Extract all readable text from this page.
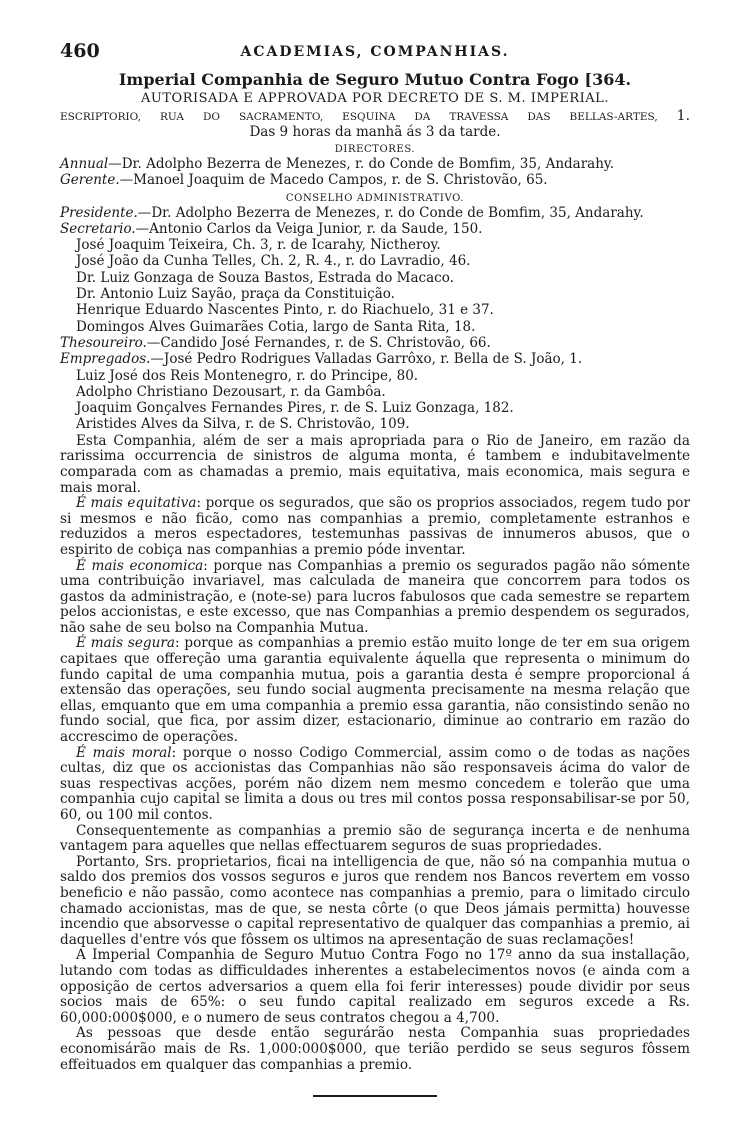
460	ACADEMIAS, COMPANHIAS.
Imperial Companhia de Seguro Mutuo Contra Fogo [364.
AUTORISADA E APPROVADA POR DECRETO DE S. M. IMPERIAL.
ESCRIPTORIO, RUA DO SACRAMENTO, ESQUINA DA TRAVESSA DAS BELLAS-ARTES, 1.
Das 9 horas da manhã ás 3 da tarde.
DIRECTORES.
Annual—Dr. Adolpho Bezerra de Menezes, r. do Conde de Bomfim, 35, Andarahy.
Gerente.—Manoel Joaquim de Macedo Campos, r. de S. Christovão, 65.
CONSELHO ADMINISTRATIVO.
Presidente.—Dr. Adolpho Bezerra de Menezes, r. do Conde de Bomfim, 35, Andarahy.
Secretario.—Antonio Carlos da Veiga Junior, r. da Saude, 150.
José Joaquim Teixeira, Ch. 3, r. de Icarahy, Nictheroy.
José João da Cunha Telles, Ch. 2, R. 4., r. do Lavradio, 46.
Dr. Luiz Gonzaga de Souza Bastos, Estrada do Macaco.
Dr. Antonio Luiz Sayão, praça da Constituição.
Henrique Eduardo Nascentes Pinto, r. do Riachuelo, 31 e 37.
Domingos Alves Guimarães Cotia, largo de Santa Rita, 18.
Thesoureiro.—Candido José Fernandes, r. de S. Christovão, 66.
Empregados.—José Pedro Rodrigues Valladas Garrôxo, r. Bella de S. João, 1.
Luiz José dos Reis Montenegro, r. do Principe, 80.
Adolpho Christiano Dezousart, r. da Gambôa.
Joaquim Gonçalves Fernandes Pires, r. de S. Luiz Gonzaga, 182.
Aristides Alves da Silva, r. de S. Christovão, 109.

Esta Companhia, além de ser a mais apropriada para o Rio de Janeiro, em razão da rarissima occurrencia de sinistros de alguma monta, é tambem e indubitavelmente comparada com as chamadas a premio, mais equitativa, mais economica, mais segura e mais moral.

É mais equitativa: porque os segurados, que são os proprios associados, regem tudo por si mesmos e não ficão, como nas companhias a premio, completamente estranhos e reduzidos a meros espectadores, testemunhas passivas de innumeros abusos, que o espirito de cobiça nas companhias a premio póde inventar.

É mais economica: porque nas Companhias a premio os segurados pagão não sómente uma contribuição invariavel, mas calculada de maneira que concorrem para todos os gastos da administração, e (note-se) para lucros fabulosos que cada semestre se repartem pelos accionistas, e este excesso, que nas Companhias a premio despendem os segurados, não sahe de seu bolso na Companhia Mutua.

É mais segura: porque as companhias a premio estão muito longe de ter em sua origem capitaes que offereção uma garantia equivalente áquella que representa o minimum do fundo capital de uma companhia mutua, pois a garantia desta é sempre proporcional á extensão das operações, seu fundo social augmenta precisamente na mesma relação que ellas, emquanto que em uma companhia a premio essa garantia, não consistindo senão no fundo social, que fica, por assim dizer, estacionario, diminue ao contrario em razão do accrescimo de operações.

É mais moral: porque o nosso Codigo Commercial, assim como o de todas as nações cultas, diz que os accionistas das Companhias não são responsaveis ácima do valor de suas respectivas acções, porém não dizem nem mesmo concedem e tolerão que uma companhia cujo capital se limita a dous ou tres mil contos possa responsabilisar-se por 50, 60, ou 100 mil contos.

Consequentemente as companhias a premio são de segurança incerta e de nenhuma vantagem para aquelles que nellas effectuarem seguros de suas propriedades.

Portanto, Srs. proprietarios, ficai na intelligencia de que, não só na companhia mutua o saldo dos premios dos vossos seguros e juros que rendem nos Bancos revertem em vosso beneficio e não passão, como acontece nas companhias a premio, para o limitado circulo chamado accionistas, mas de que, se nesta côrte (o que Deos jámais permitta) houvesse incendio que absorvesse o capital representativo de qualquer das companhias a premio, ai daquelles d'entre vós que fôssem os ultimos na apresentação de suas reclamações!

A Imperial Companhia de Seguro Mutuo Contra Fogo no 17º anno da sua installação, lutando com todas as difficuldades inherentes a estabelecimentos novos (e ainda com a opposição de certos adversarios a quem ella foi ferir interesses) poude dividir por seus socios mais de 65%: o seu fundo capital realizado em seguros excede a Rs. 60,000:000$000, e o numero de seus contratos chegou a 4,700.

As pessoas que desde então segurárão nesta Companhia suas propriedades economisárão mais de Rs. 1,000:000$000, que terião perdido se seus seguros fôssem effeituados em qualquer das companhias a premio.
